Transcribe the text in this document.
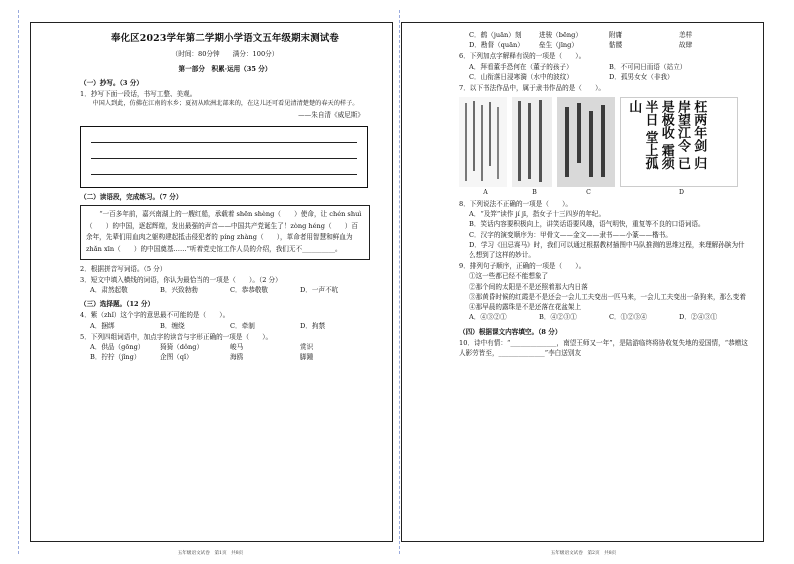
奉化区2023学年第二学期小学语文五年级期末测试卷
（时间：80分钟　　满分：100分）
第一部分　积累·运用（35 分）
（一）抄写。（3 分）
1．抄写下面一段话，书写工整、美观。
中国人到此，仿佛在江南的水乡；夏初从欧洲北部来的，在这儿还可看见清清楚楚的春天的样子。
——朱自清《威尼斯》
（二）读语段，完成练习。（7 分）
“一百多年前，嘉兴南湖上的一艘红船，承载着 shēn shèng（　　）使命，让 chén shuì（　　）的中国，逐起辉煌，发出最强的声音——中国共产党诞生了！zòng héng（　　）百余年，先辈们用血肉之躯构建起抵击侵犯者的 píng zhàng（　　），革命者用智慧和鲜血为 zhǎn xīn（　　）的中国奠基……”听着党史馆工作人员的介绍，我们无不__________。
2．根据拼音写词语。（5 分）
3．短文中填入横线的词语，你认为最恰当的一项是（　　）。（2 分）
A．肃然起敬	B．兴致勃勃	C．恭恭敬敬	D．一声不吭
（三）选择题。（12 分）
4．紫（zhǐ）这个字的意思最不可能的是（　　）。
A．捆绑	B．缠绕	C．牵制	D．拘禁
5．下列四组词语中，加点字的读音与字形正确的一项是（　　）。
A．供品（gōng）	猗猗（dǒng）	峻马	赏识
B．拧拧（jǐng）	企图（qǐ）	海鸥	脚踵
五年级语文试卷　第1页　共8页
C．鹤（juān）刻	进骏（bēng）	附庸	恙样
D．勘督（quān）	垒生（jīng）	骷髅	故肆
6．下列加点字解释有误的一项是（　　）。
A．拜看董手恐何在（董子的孩子）	B．不可同日而语（站立）
C．山衔落日浸寒漪（水中的波纹）	D．孤男女女（非我）
7．以下书法作品中，属于隶书作品的是（　　）。
枉两年剑 归岸望江令 已是极收 霜须半日 堂上孤山
A	B	C	D
8．下列说法不正确的一项是（　　）。
A．“及笄”读作 jí jī，指女子十三四岁的年纪。
B．笑话内容要积极向上，讲笑话语要风趣，语气明快，重复等不良的口语词语。
C．汉字的演变顺序为：甲骨文——金文——隶书——小篆——楷书。
D．学习《田忌赛马》时，我们可以通过根据教材插图中马队推测的思维过程，来理解孙膑为什么想到了这样的妙计。
9．排列句子顺序，正确的一项是（　　）。
①这一些都已经不能想象了
②那个间的太阳是不是还照着那大内日落
③那黄昏时候的红霞是不是还会一会儿工夫变出一匹马来，一会儿工夫变出一条狗来，那么变着
④那早晨的露珠是不是还落在花盆架上
A．④③②①	B．④②③①	C．①②③④	D．②④③①
（四）根据课文内容填空。（8 分）
10．诗中有情：“______________，南望王师又一年”，是陆游临终将协收复失地的爱国情，“恭赠这人影劳皆至，______________”李白送别友
五年级语文试卷　第2页　共8页
